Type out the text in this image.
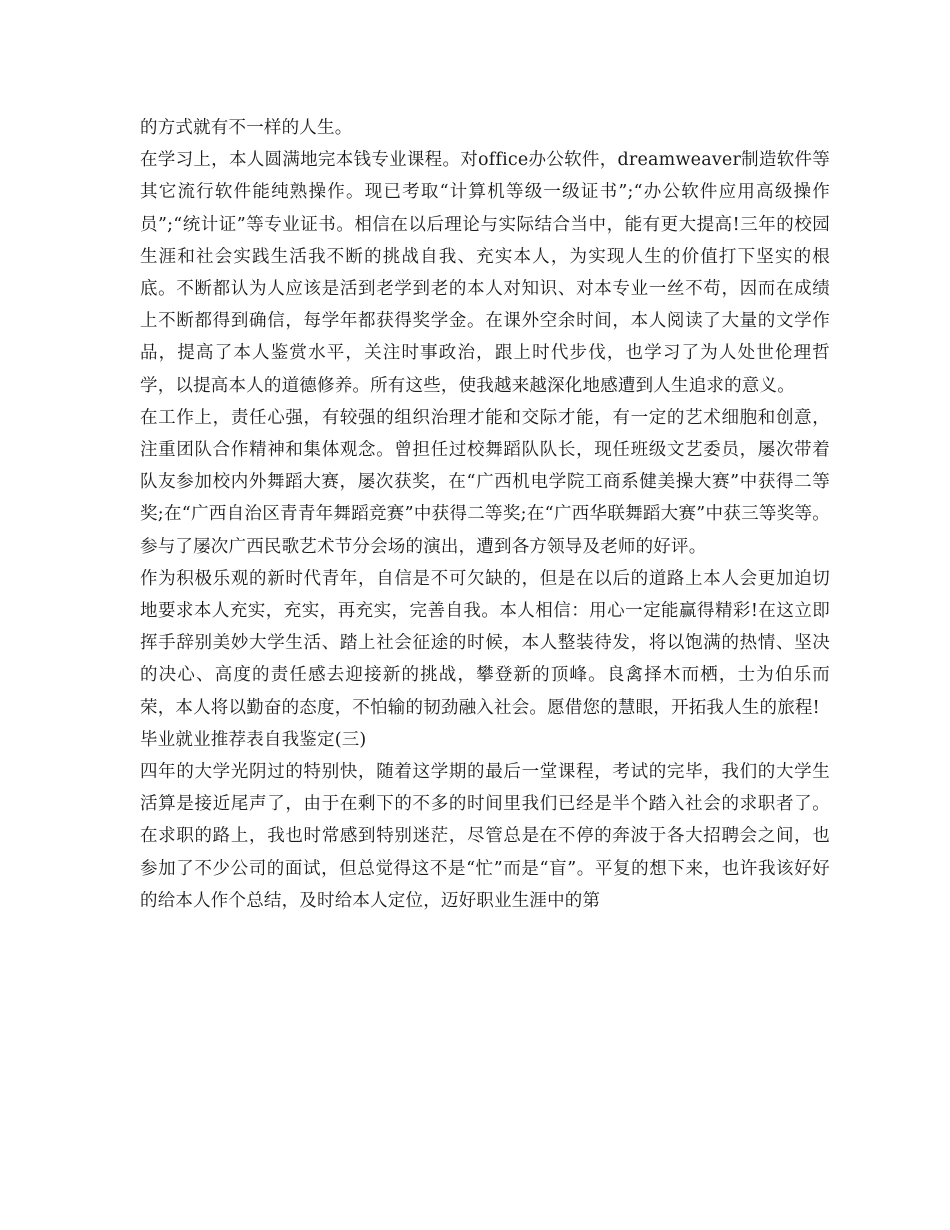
的方式就有不一样的人生。

在学习上，本人圆满地完本钱专业课程。对office办公软件，dreamweaver制造软件等其它流行软件能纯熟操作。现已考取“计算机等级一级证书”;“办公软件应用高级操作员”;“统计证”等专业证书。相信在以后理论与实际结合当中，能有更大提高!三年的校园生涯和社会实践生活我不断的挑战自我、充实本人，为实现人生的价值打下坚实的根底。不断都认为人应该是活到老学到老的本人对知识、对本专业一丝不苟，因而在成绩上不断都得到确信，每学年都获得奖学金。在课外空余时间，本人阅读了大量的文学作品，提高了本人鉴赏水平，关注时事政治，跟上时代步伐，也学习了为人处世伦理哲学，以提高本人的道德修养。所有这些，使我越来越深化地感遭到人生追求的意义。

在工作上，责任心强，有较强的组织治理才能和交际才能，有一定的艺术细胞和创意，注重团队合作精神和集体观念。曾担任过校舞蹈队队长，现任班级文艺委员，屡次带着队友参加校内外舞蹈大赛，屡次获奖，在“广西机电学院工商系健美操大赛”中获得二等奖;在“广西自治区青青年舞蹈竞赛”中获得二等奖;在“广西华联舞蹈大赛”中获三等奖等。参与了屡次广西民歌艺术节分会场的演出，遭到各方领导及老师的好评。

作为积极乐观的新时代青年，自信是不可欠缺的，但是在以后的道路上本人会更加迫切地要求本人充实，充实，再充实，完善自我。本人相信：用心一定能赢得精彩!在这立即挥手辞别美妙大学生活、踏上社会征途的时候，本人整装待发，将以饱满的热情、坚决的决心、高度的责任感去迎接新的挑战，攀登新的顶峰。良禽择木而栖，士为伯乐而荣，本人将以勤奋的态度，不怕输的韧劲融入社会。愿借您的慧眼，开拓我人生的旅程!

毕业就业推荐表自我鉴定(三)

四年的大学光阴过的特别快，随着这学期的最后一堂课程，考试的完毕，我们的大学生活算是接近尾声了，由于在剩下的不多的时间里我们已经是半个踏入社会的求职者了。在求职的路上，我也时常感到特别迷茫，尽管总是在不停的奔波于各大招聘会之间，也参加了不少公司的面试，但总觉得这不是“忙”而是“盲”。平复的想下来，也许我该好好的给本人作个总结，及时给本人定位，迈好职业生涯中的第
